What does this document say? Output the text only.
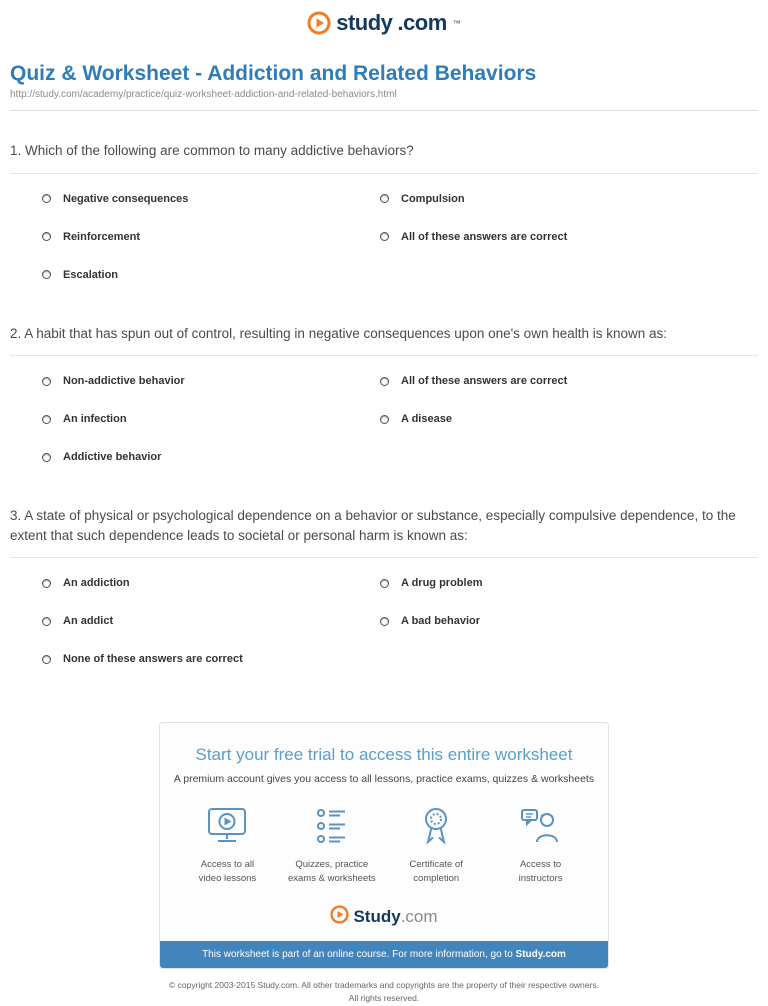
study .com ™
Quiz & Worksheet - Addiction and Related Behaviors
http://study.com/academy/practice/quiz-worksheet-addiction-and-related-behaviors.html
1. Which of the following are common to many addictive behaviors?
Negative consequences	Compulsion
Reinforcement	All of these answers are correct
Escalation
2. A habit that has spun out of control, resulting in negative consequences upon one's own health is known as:
Non-addictive behavior	All of these answers are correct
An infection	A disease
Addictive behavior
3. A state of physical or psychological dependence on a behavior or substance, especially compulsive dependence, to the extent that such dependence leads to societal or personal harm is known as:
An addiction	A drug problem
An addict	A bad behavior
None of these answers are correct
Start your free trial to access this entire worksheet
A premium account gives you access to all lessons, practice exams, quizzes & worksheets
Access to all
video lessons
Quizzes, practice
exams & worksheets
Certificate of
completion
Access to
instructors
Study.com
This worksheet is part of an online course. For more information, go to Study.com
© copyright 2003-2015 Study.com. All other trademarks and copyrights are the property of their respective owners.
All rights reserved.
